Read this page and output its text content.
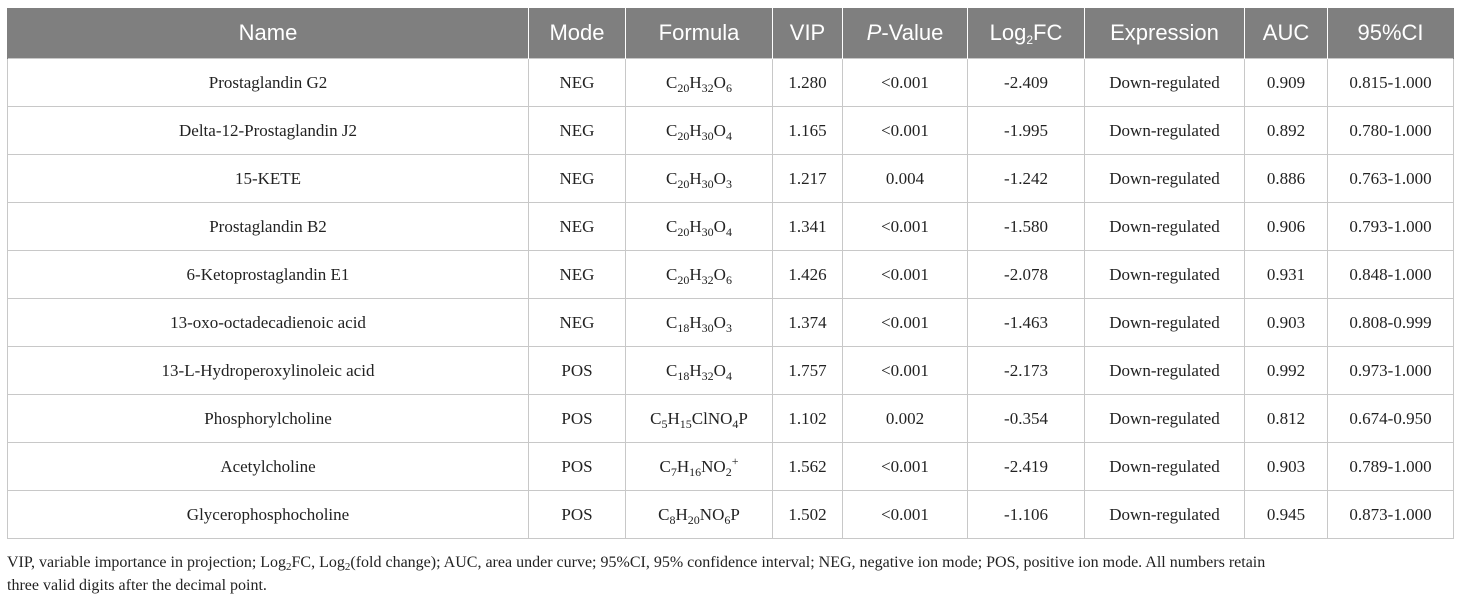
Name	Mode	Formula	VIP	P-Value	Log$_2$FC	Expression	AUC	95%CI
Prostaglandin G2	NEG	$C_{20}H_{32}O_6$	1.280	<0.001	-2.409	Down-regulated	0.909	0.815-1.000
Delta-12-Prostaglandin J2	NEG	$C_{20}H_{30}O_4$	1.165	<0.001	-1.995	Down-regulated	0.892	0.780-1.000
15-KETE	NEG	$C_{20}H_{30}O_3$	1.217	0.004	-1.242	Down-regulated	0.886	0.763-1.000
Prostaglandin B2	NEG	$C_{20}H_{30}O_4$	1.341	<0.001	-1.580	Down-regulated	0.906	0.793-1.000
6-Ketoprostaglandin E1	NEG	$C_{20}H_{32}O_6$	1.426	<0.001	-2.078	Down-regulated	0.931	0.848-1.000
13-oxo-octadecadienoic acid	NEG	$C_{18}H_{30}O_3$	1.374	<0.001	-1.463	Down-regulated	0.903	0.808-0.999
13-L-Hydroperoxylinoleic acid	POS	$C_{18}H_{32}O_4$	1.757	<0.001	-2.173	Down-regulated	0.992	0.973-1.000
Phosphorylcholine	POS	$C_5H_{15}ClNO_4P$	1.102	0.002	-0.354	Down-regulated	0.812	0.674-0.950
Acetylcholine	POS	$C_7H_{16}NO_2^+$	1.562	<0.001	-2.419	Down-regulated	0.903	0.789-1.000
Glycerophosphocholine	POS	$C_8H_{20}NO_6P$	1.502	<0.001	-1.106	Down-regulated	0.945	0.873-1.000
VIP, variable importance in projection; Log$_2$FC, Log$_2$(fold change); AUC, area under curve; 95%CI, 95% confidence interval; NEG, negative ion mode; POS, positive ion mode. All numbers retain
three valid digits after the decimal point.
